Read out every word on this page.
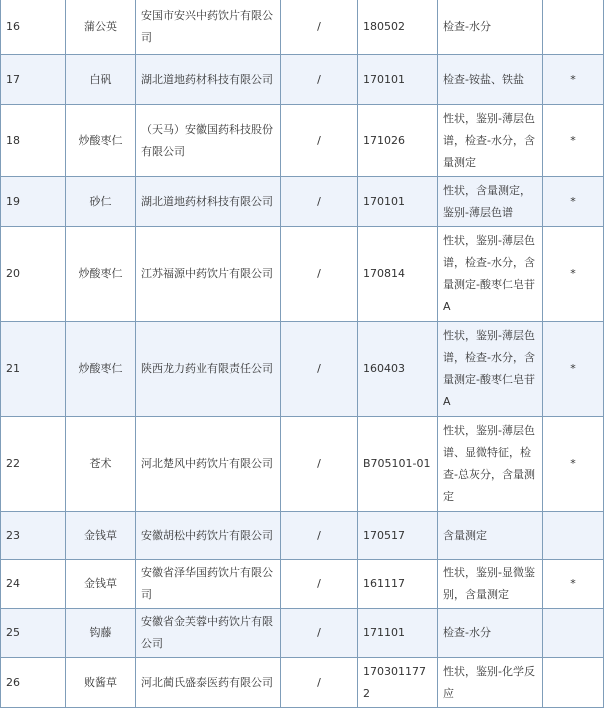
16	蒲公英	安国市安兴中药饮片有限公司	/	180502	检查-水分	
17	白矾	湖北道地药材科技有限公司	/	170101	检查-铵盐、铁盐	*
18	炒酸枣仁	（天马）安徽国药科技股份有限公司	/	171026	性状，鉴别-薄层色谱，检查-水分，含量测定	*
19	砂仁	湖北道地药材科技有限公司	/	170101	性状，含量测定，鉴别-薄层色谱	*
20	炒酸枣仁	江苏福源中药饮片有限公司	/	170814	性状，鉴别-薄层色谱，检查-水分，含量测定-酸枣仁皂苷A	*
21	炒酸枣仁	陕西龙力药业有限责任公司	/	160403	性状，鉴别-薄层色谱，检查-水分，含量测定-酸枣仁皂苷A	*
22	苍术	河北楚风中药饮片有限公司	/	B705101-01	性状，鉴别-薄层色谱、显微特征，检查-总灰分，含量测定	*
23	金钱草	安徽胡松中药饮片有限公司	/	170517	含量测定	
24	金钱草	安徽省泽华国药饮片有限公司	/	161117	性状，鉴别-显微鉴别，含量测定	*
25	钩藤	安徽省金芙蓉中药饮片有限公司	/	171101	检查-水分	
26	败酱草	河北蔺氏盛泰医药有限公司	/	1703011772	性状，鉴别-化学反应	
